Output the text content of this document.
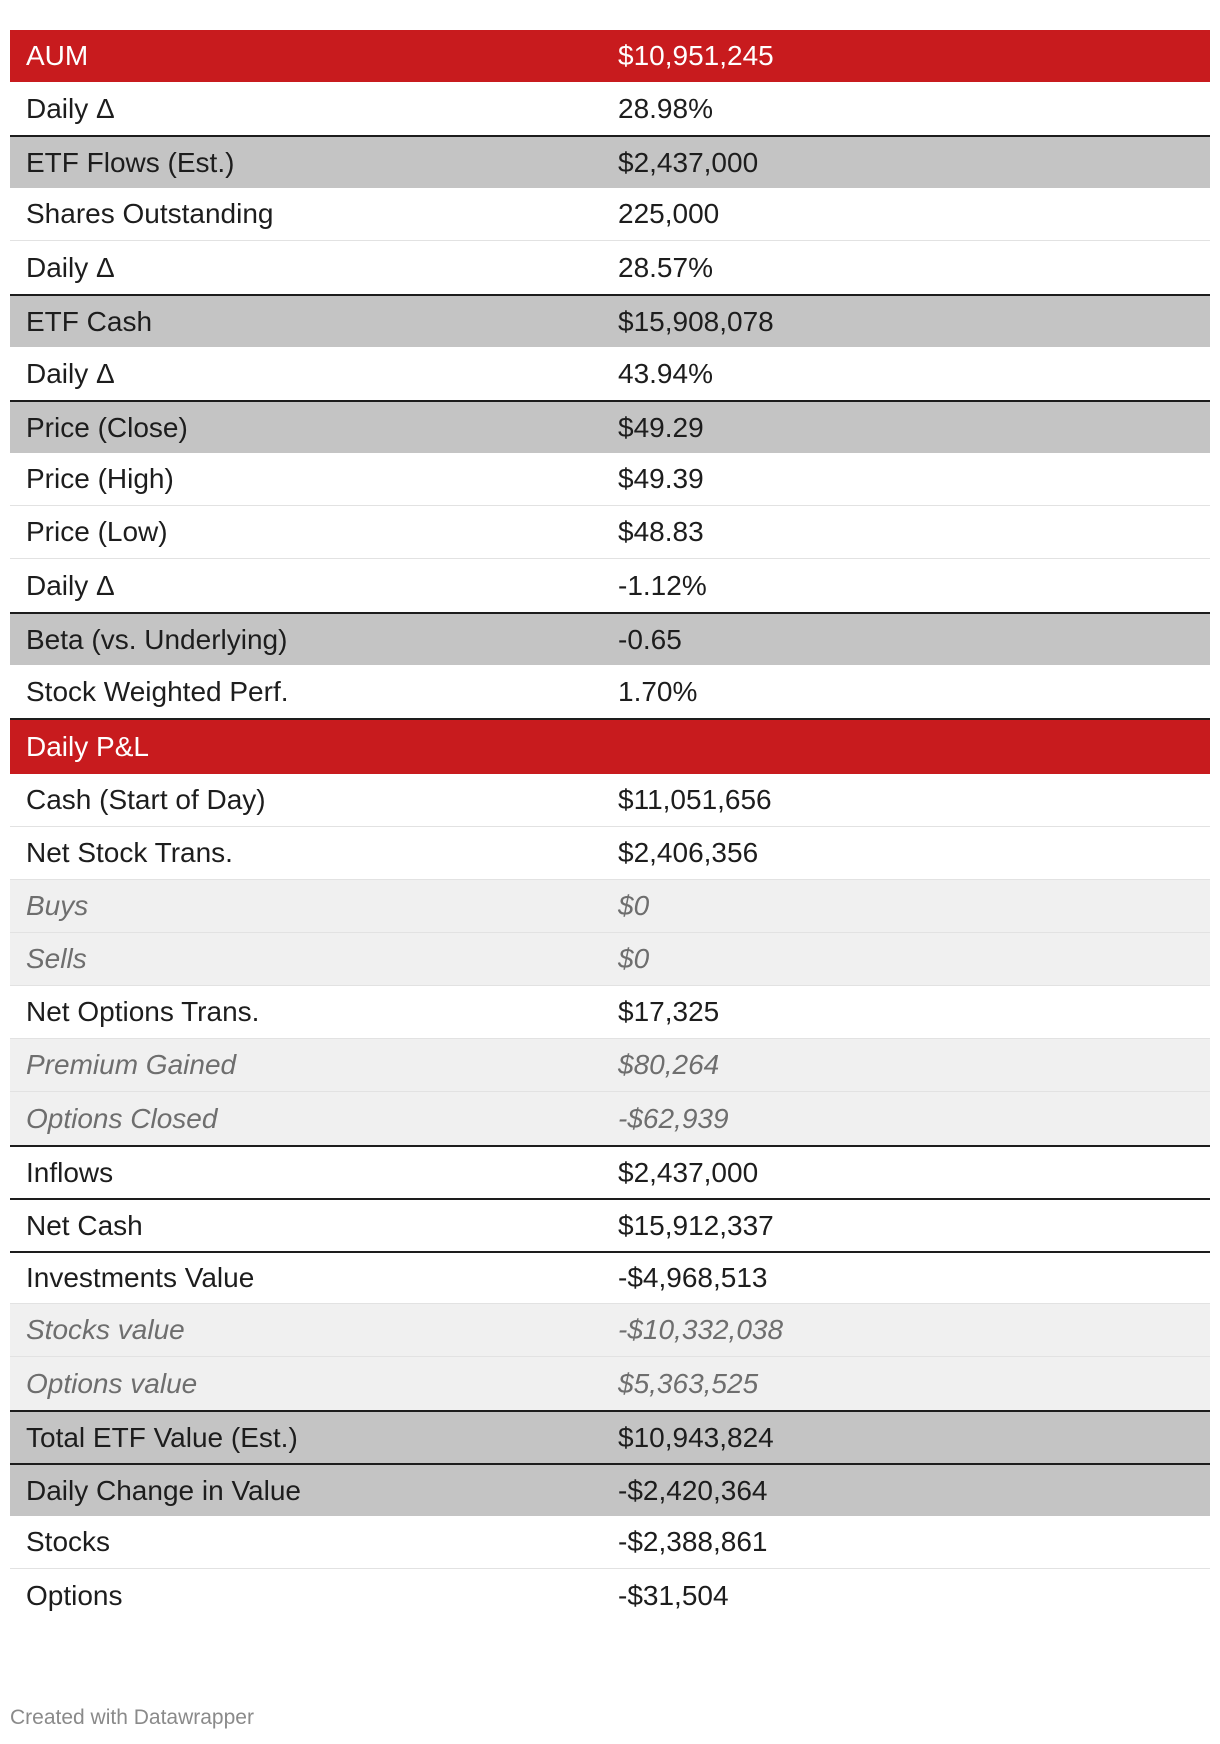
AUM	$10,951,245
Daily Δ	28.98%
ETF Flows (Est.)	$2,437,000
Shares Outstanding	225,000
Daily Δ	28.57%
ETF Cash	$15,908,078
Daily Δ	43.94%
Price (Close)	$49.29
Price (High)	$49.39
Price (Low)	$48.83
Daily Δ	-1.12%
Beta (vs. Underlying)	-0.65
Stock Weighted Perf.	1.70%
Daily P&L
Cash (Start of Day)	$11,051,656
Net Stock Trans.	$2,406,356
Buys	$0
Sells	$0
Net Options Trans.	$17,325
Premium Gained	$80,264
Options Closed	-$62,939
Inflows	$2,437,000
Net Cash	$15,912,337
Investments Value	-$4,968,513
Stocks value	-$10,332,038
Options value	$5,363,525
Total ETF Value (Est.)	$10,943,824
Daily Change in Value	-$2,420,364
Stocks	-$2,388,861
Options	-$31,504
Created with Datawrapper
